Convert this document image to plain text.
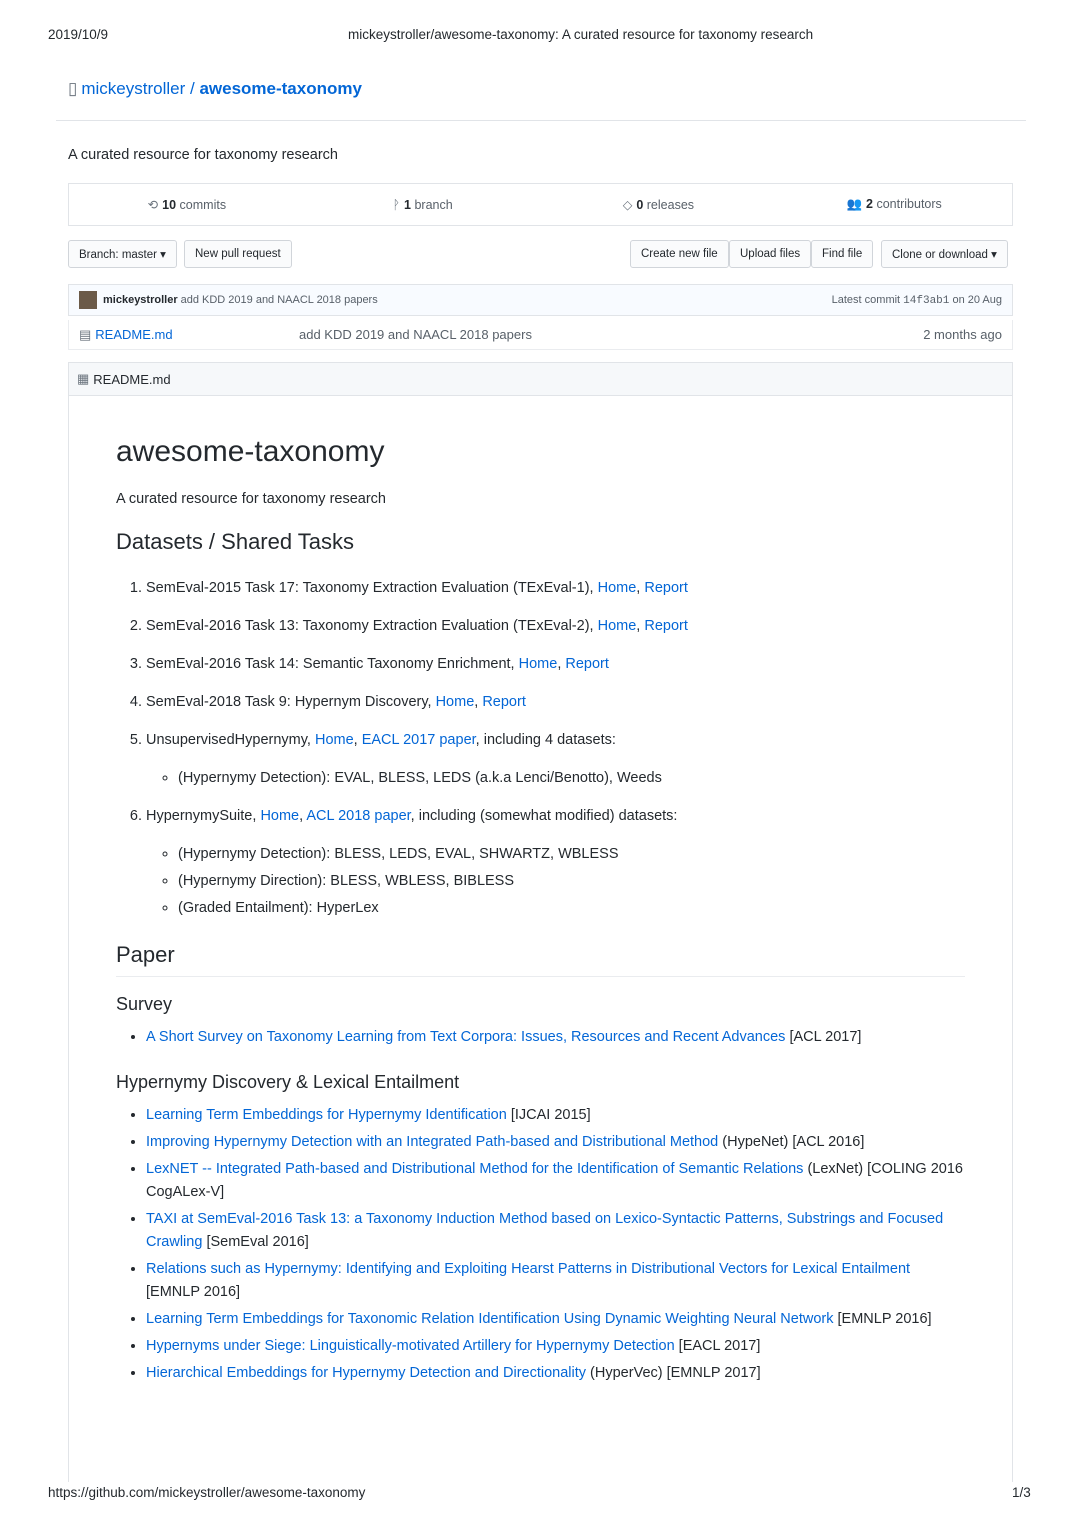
2019/10/9	mickeystroller/awesome-taxonomy: A curated resource for taxonomy research
▯ mickeystroller / awesome-taxonomy
A curated resource for taxonomy research
⟲ 10 commits	ᚹ 1 branch	◇ 0 releases	👥 2 contributors
Branch: master ▾	New pull request	Create new file	Upload files	Find file	Clone or download ▾
mickeystroller add KDD 2019 and NAACL 2018 papers	Latest commit 14f3ab1 on 20 Aug
▤ README.md	add KDD 2019 and NAACL 2018 papers	2 months ago
▦ README.md
awesome-taxonomy

A curated resource for taxonomy research

Datasets / Shared Tasks
1. SemEval-2015 Task 17: Taxonomy Extraction Evaluation (TExEval-1), Home, Report
2. SemEval-2016 Task 13: Taxonomy Extraction Evaluation (TExEval-2), Home, Report
3. SemEval-2016 Task 14: Semantic Taxonomy Enrichment, Home, Report
4. SemEval-2018 Task 9: Hypernym Discovery, Home, Report
5. UnsupervisedHypernymy, Home, EACL 2017 paper, including 4 datasets:
◦ (Hypernymy Detection): EVAL, BLESS, LEDS (a.k.a Lenci/Benotto), Weeds
6. HypernymySuite, Home, ACL 2018 paper, including (somewhat modified) datasets:
◦ (Hypernymy Detection): BLESS, LEDS, EVAL, SHWARTZ, WBLESS
◦ (Hypernymy Direction): BLESS, WBLESS, BIBLESS
◦ (Graded Entailment): HyperLex
Paper
Survey
• A Short Survey on Taxonomy Learning from Text Corpora: Issues, Resources and Recent Advances [ACL 2017]
Hypernymy Discovery & Lexical Entailment
• Learning Term Embeddings for Hypernymy Identification [IJCAI 2015]
• Improving Hypernymy Detection with an Integrated Path-based and Distributional Method (HypeNet) [ACL 2016]
• LexNET -- Integrated Path-based and Distributional Method for the Identification of Semantic Relations (LexNet) [COLING 2016 CogALex-V]
• TAXI at SemEval-2016 Task 13: a Taxonomy Induction Method based on Lexico-Syntactic Patterns, Substrings and Focused Crawling [SemEval 2016]
• Relations such as Hypernymy: Identifying and Exploiting Hearst Patterns in Distributional Vectors for Lexical Entailment [EMNLP 2016]
• Learning Term Embeddings for Taxonomic Relation Identification Using Dynamic Weighting Neural Network [EMNLP 2016]
• Hypernyms under Siege: Linguistically-motivated Artillery for Hypernymy Detection [EACL 2017]
• Hierarchical Embeddings for Hypernymy Detection and Directionality (HyperVec) [EMNLP 2017]
https://github.com/mickeystroller/awesome-taxonomy	1/3
